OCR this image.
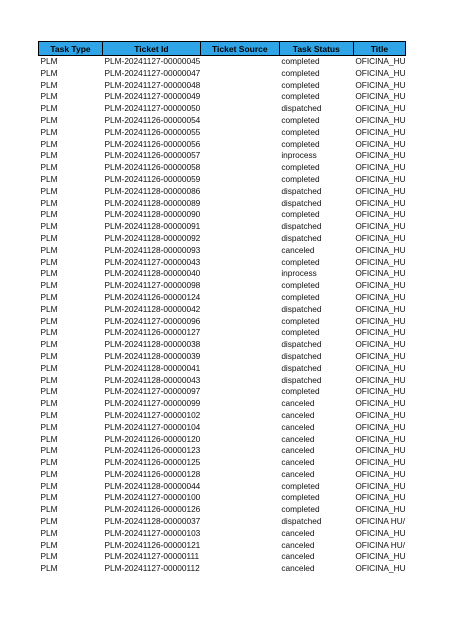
Task Type	Ticket Id	Ticket Source	Task Status	Title
PLM	PLM-20241127-00000045		completed	OFICINA_HU
PLM	PLM-20241127-00000047		completed	OFICINA_HU
PLM	PLM-20241127-00000048		completed	OFICINA_HU
PLM	PLM-20241127-00000049		completed	OFICINA_HU
PLM	PLM-20241127-00000050		dispatched	OFICINA_HU
PLM	PLM-20241126-00000054		completed	OFICINA_HU
PLM	PLM-20241126-00000055		completed	OFICINA_HU
PLM	PLM-20241126-00000056		completed	OFICINA_HU
PLM	PLM-20241126-00000057		inprocess	OFICINA_HU
PLM	PLM-20241126-00000058		completed	OFICINA_HU
PLM	PLM-20241126-00000059		completed	OFICINA_HU
PLM	PLM-20241128-00000086		dispatched	OFICINA_HU
PLM	PLM-20241128-00000089		dispatched	OFICINA_HU
PLM	PLM-20241128-00000090		completed	OFICINA_HU
PLM	PLM-20241128-00000091		dispatched	OFICINA_HU
PLM	PLM-20241128-00000092		dispatched	OFICINA_HU
PLM	PLM-20241128-00000093		canceled	OFICINA_HU
PLM	PLM-20241127-00000043		completed	OFICINA_HU
PLM	PLM-20241128-00000040		inprocess	OFICINA_HU
PLM	PLM-20241127-00000098		completed	OFICINA_HU
PLM	PLM-20241126-00000124		completed	OFICINA_HU
PLM	PLM-20241128-00000042		dispatched	OFICINA_HU
PLM	PLM-20241127-00000096		completed	OFICINA_HU
PLM	PLM-20241126-00000127		completed	OFICINA_HU
PLM	PLM-20241128-00000038		dispatched	OFICINA_HU
PLM	PLM-20241128-00000039		dispatched	OFICINA_HU
PLM	PLM-20241128-00000041		dispatched	OFICINA_HU
PLM	PLM-20241128-00000043		dispatched	OFICINA_HU
PLM	PLM-20241127-00000097		completed	OFICINA_HU
PLM	PLM-20241127-00000099		canceled	OFICINA_HU
PLM	PLM-20241127-00000102		canceled	OFICINA_HU
PLM	PLM-20241127-00000104		canceled	OFICINA_HU
PLM	PLM-20241126-00000120		canceled	OFICINA_HU
PLM	PLM-20241126-00000123		canceled	OFICINA_HU
PLM	PLM-20241126-00000125		canceled	OFICINA_HU
PLM	PLM-20241126-00000128		canceled	OFICINA_HU
PLM	PLM-20241128-00000044		completed	OFICINA_HU
PLM	PLM-20241127-00000100		completed	OFICINA_HU
PLM	PLM-20241126-00000126		completed	OFICINA_HU
PLM	PLM-20241128-00000037		dispatched	OFICINA HU/
PLM	PLM-20241127-00000103		canceled	OFICINA_HU
PLM	PLM-20241126-00000121		canceled	OFICINA HU/
PLM	PLM-20241127-00000111		canceled	OFICINA_HU
PLM	PLM-20241127-00000112		canceled	OFICINA_HU
